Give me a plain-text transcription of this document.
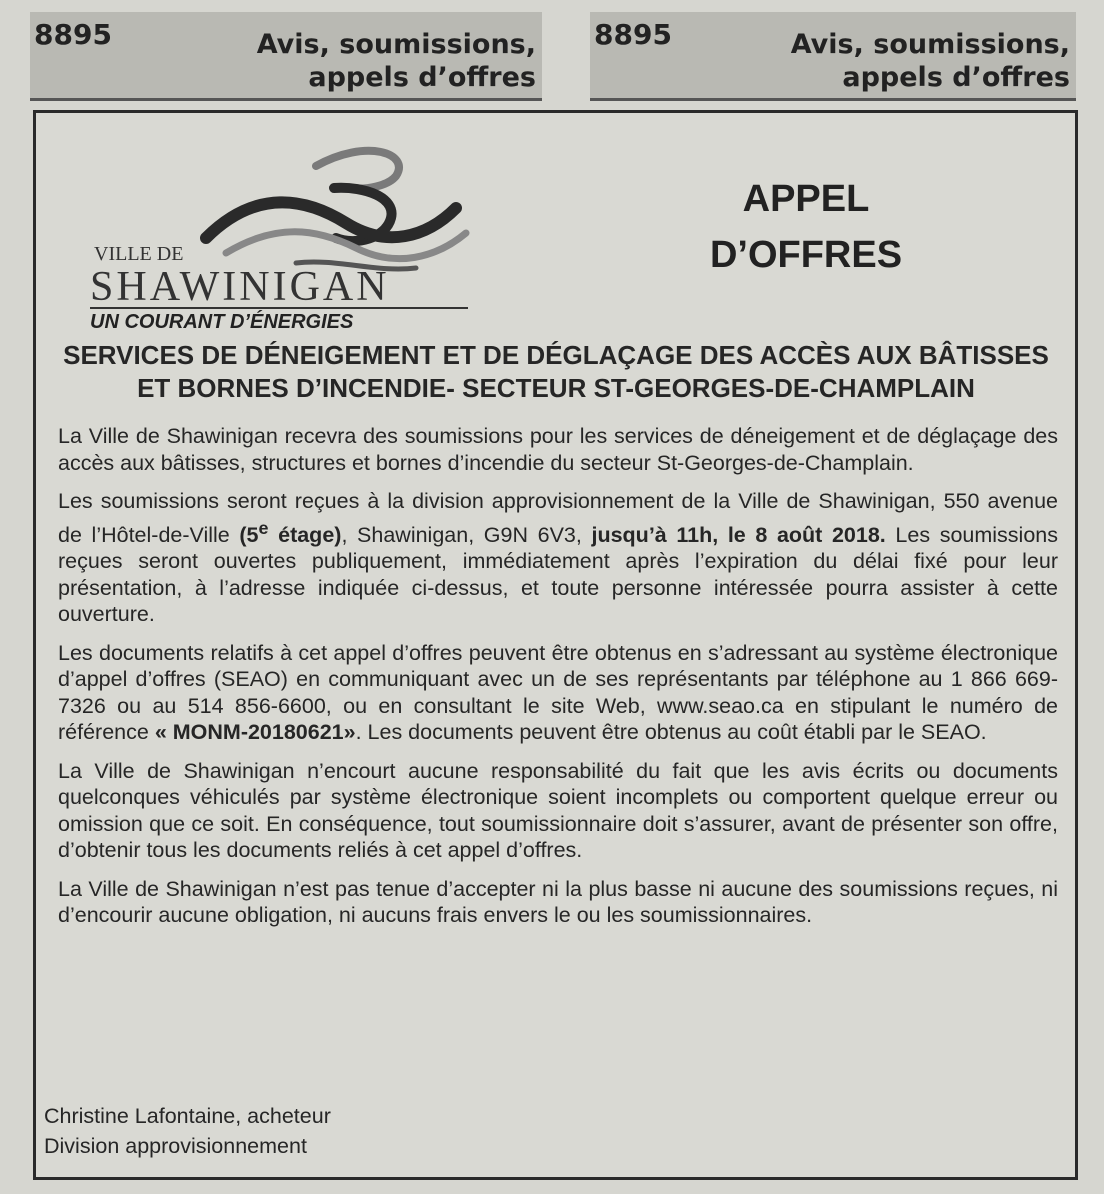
8895	Avis, soumissions,
appels d’offres
8895	Avis, soumissions,
appels d’offres
VILLE DE
SHAWINIGAN
UN COURANT D’ÉNERGIES
APPEL
D’OFFRES
SERVICES DE DÉNEIGEMENT ET DE DÉGLAÇAGE DES ACCÈS AUX BÂTISSES
ET BORNES D’INCENDIE- SECTEUR ST-GEORGES-DE-CHAMPLAIN

La Ville de Shawinigan recevra des soumissions pour les services de déneigement et de déglaçage des accès aux bâtisses, structures et bornes d’incendie du secteur St-Georges-de-Champlain.

Les soumissions seront reçues à la division approvisionnement de la Ville de Shawinigan, 550 avenue de l’Hôtel-de-Ville (5e étage), Shawinigan, G9N 6V3, jusqu’à 11h, le 8 août 2018. Les soumissions reçues seront ouvertes publiquement, immédiatement après l’expiration du délai fixé pour leur présentation, à l’adresse indiquée ci-dessus, et toute personne intéressée pourra assister à cette ouverture.

Les documents relatifs à cet appel d’offres peuvent être obtenus en s’adressant au système électronique d’appel d’offres (SEAO) en communiquant avec un de ses représentants par téléphone au 1 866 669-7326 ou au 514 856-6600, ou en consultant le site Web, www.seao.ca en stipulant le numéro de référence « MONM-20180621». Les documents peuvent être obtenus au coût établi par le SEAO.

La Ville de Shawinigan n’encourt aucune responsabilité du fait que les avis écrits ou documents quelconques véhiculés par système électronique soient incomplets ou comportent quelque erreur ou omission que ce soit. En conséquence, tout soumissionnaire doit s’assurer, avant de présenter son offre, d’obtenir tous les documents reliés à cet appel d’offres.

La Ville de Shawinigan n’est pas tenue d’accepter ni la plus basse ni aucune des soumissions reçues, ni d’encourir aucune obligation, ni aucuns frais envers le ou les soumissionnaires.

Christine Lafontaine, acheteur
Division approvisionnement
